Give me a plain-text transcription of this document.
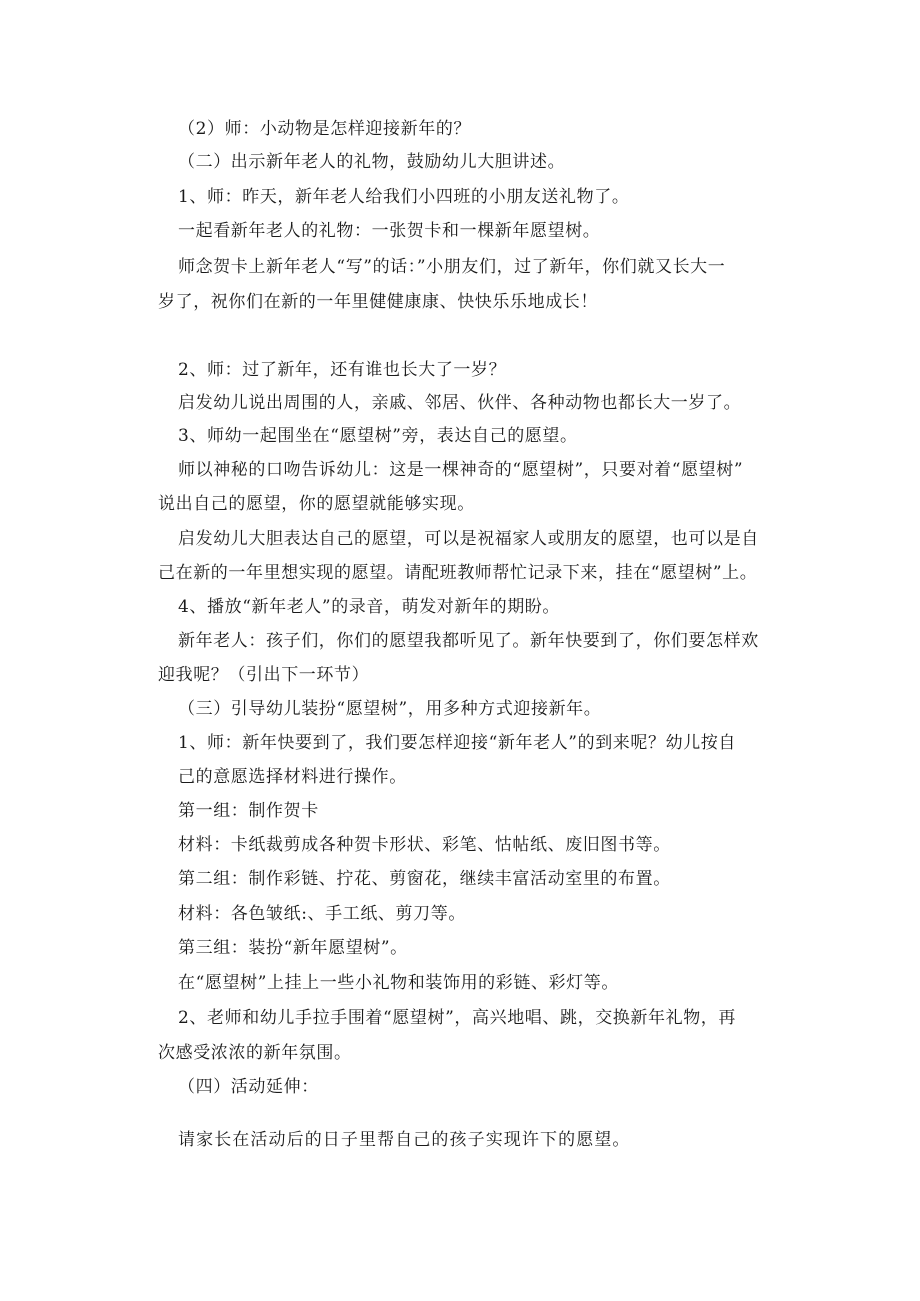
（2）师：小动物是怎样迎接新年的？
（二）出示新年老人的礼物，鼓励幼儿大胆讲述。
1、师：昨天，新年老人给我们小四班的小朋友送礼物了。
一起看新年老人的礼物：一张贺卡和一棵新年愿望树。
师念贺卡上新年老人“写”的话：”小朋友们，过了新年，你们就又长大一
岁了，祝你们在新的一年里健健康康、快快乐乐地成长！
2、师：过了新年，还有谁也长大了一岁？
启发幼儿说出周围的人，亲戚、邻居、伙伴、各种动物也都长大一岁了。
3、师幼一起围坐在“愿望树”旁，表达自己的愿望。
师以神秘的口吻告诉幼儿：这是一棵神奇的“愿望树”，只要对着“愿望树”
说出自己的愿望，你的愿望就能够实现。
启发幼儿大胆表达自己的愿望，可以是祝福家人或朋友的愿望，也可以是自
己在新的一年里想实现的愿望。请配班教师帮忙记录下来，挂在“愿望树”上。
4、播放“新年老人”的录音，萌发对新年的期盼。
新年老人：孩子们，你们的愿望我都听见了。新年快要到了，你们要怎样欢
迎我呢？（引出下一环节）
（三）引导幼儿装扮“愿望树”，用多种方式迎接新年。
1、师：新年快要到了，我们要怎样迎接“新年老人”的到来呢？幼儿按自
己的意愿选择材料进行操作。
第一组：制作贺卡
材料：卡纸裁剪成各种贺卡形状、彩笔、怙帖纸、废旧图书等。
第二组：制作彩链、拧花、剪窗花，继续丰富活动室里的布置。
材料：各色皱纸:、手工纸、剪刀等。
第三组：装扮“新年愿望树”。
在“愿望树”上挂上一些小礼物和装饰用的彩链、彩灯等。
2、老师和幼儿手拉手围着“愿望树”，高兴地唱、跳，交换新年礼物，再
次感受浓浓的新年氛围。
（四）活动延伸：
请家长在活动后的日子里帮自己的孩子实现许下的愿望。
